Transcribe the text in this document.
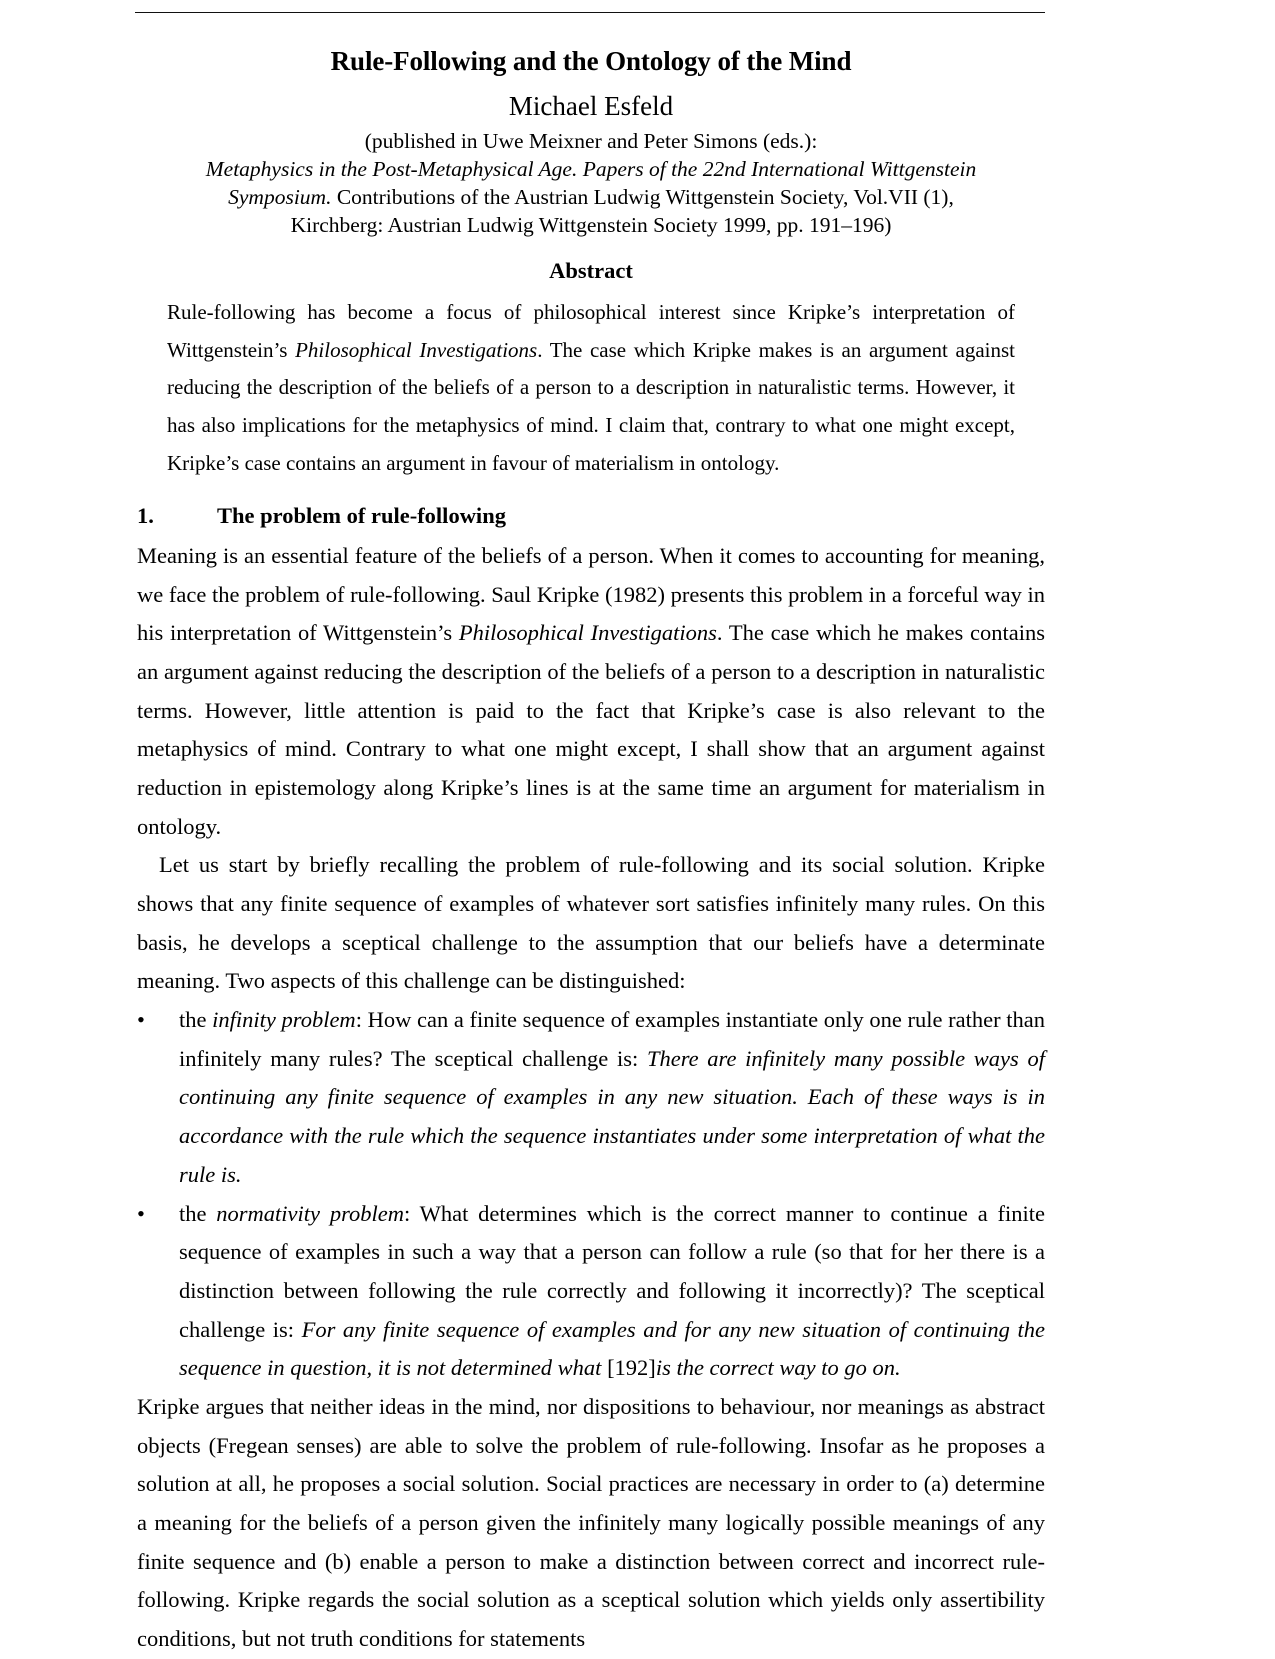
Rule-Following and the Ontology of the Mind
Michael Esfeld
(published in Uwe Meixner and Peter Simons (eds.):
Metaphysics in the Post-Metaphysical Age. Papers of the 22nd International Wittgenstein
Symposium. Contributions of the Austrian Ludwig Wittgenstein Society, Vol.VII (1),
Kirchberg: Austrian Ludwig Wittgenstein Society 1999, pp. 191–196)
Abstract
Rule-following has become a focus of philosophical interest since Kripke’s interpretation of Wittgenstein’s Philosophical Investigations. The case which Kripke makes is an argument against reducing the description of the beliefs of a person to a description in naturalistic terms. However, it has also implications for the metaphysics of mind. I claim that, contrary to what one might except, Kripke’s case contains an argument in favour of materialism in ontology.
1.	The problem of rule-following

Meaning is an essential feature of the beliefs of a person. When it comes to accounting for meaning, we face the problem of rule-following. Saul Kripke (1982) presents this problem in a forceful way in his interpretation of Wittgenstein’s Philosophical Investigations. The case which he makes contains an argument against reducing the description of the beliefs of a person to a description in naturalistic terms. However, little attention is paid to the fact that Kripke’s case is also relevant to the metaphysics of mind. Contrary to what one might except, I shall show that an argument against reduction in epistemology along Kripke’s lines is at the same time an argument for materialism in ontology.

Let us start by briefly recalling the problem of rule-following and its social solution. Kripke shows that any finite sequence of examples of whatever sort satisfies infinitely many rules. On this basis, he develops a sceptical challenge to the assumption that our beliefs have a determinate meaning. Two aspects of this challenge can be distinguished:

•	the infinity problem: How can a finite sequence of examples instantiate only one rule rather than infinitely many rules? The sceptical challenge is: There are infinitely many possible ways of continuing any finite sequence of examples in any new situation. Each of these ways is in accordance with the rule which the sequence instantiates under some interpretation of what the rule is.
•	the normativity problem: What determines which is the correct manner to continue a finite sequence of examples in such a way that a person can follow a rule (so that for her there is a distinction between following the rule correctly and following it incorrectly)? The sceptical challenge is: For any finite sequence of examples and for any new situation of continuing the sequence in question, it is not determined what [192]is the correct way to go on.

Kripke argues that neither ideas in the mind, nor dispositions to behaviour, nor meanings as abstract objects (Fregean senses) are able to solve the problem of rule-following. Insofar as he proposes a solution at all, he proposes a social solution. Social practices are necessary in order to (a) determine a meaning for the beliefs of a person given the infinitely many logically possible meanings of any finite sequence and (b) enable a person to make a distinction between correct and incorrect rule-following. Kripke regards the social solution as a sceptical solution which yields only assertibility conditions, but not truth conditions for statements
